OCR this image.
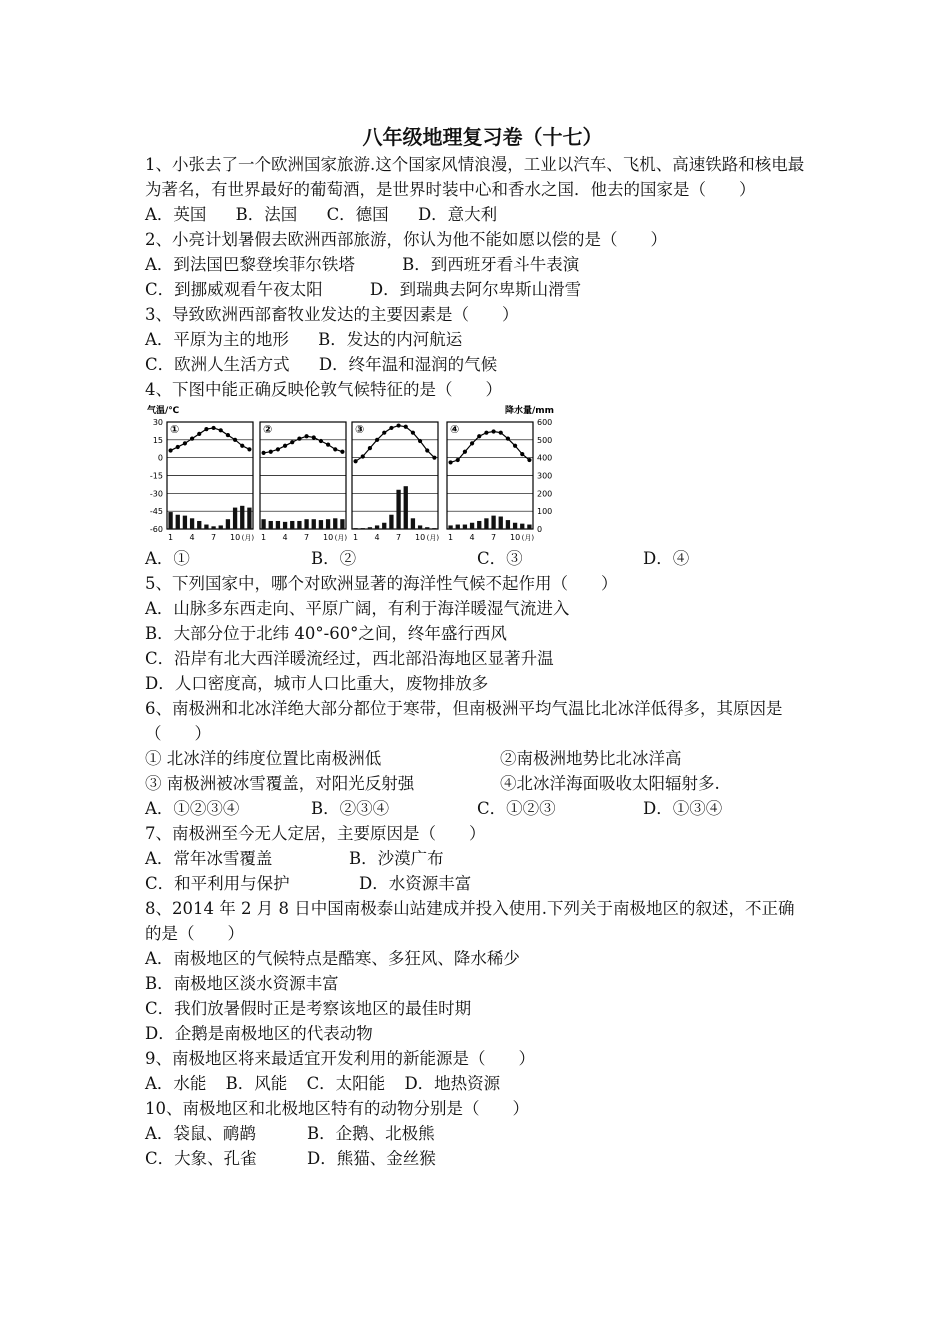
八年级地理复习卷（十七）
1、小张去了一个欧洲国家旅游.这个国家风情浪漫，工业以汽车、飞机、高速铁路和核电最为著名，有世界最好的葡萄酒，是世界时装中心和香水之国．他去的国家是（　　）
A．英国 B．法国 C．德国 D．意大利
2、小亮计划暑假去欧洲西部旅游，你认为他不能如愿以偿的是（　　）
A．到法国巴黎登埃菲尔铁塔	B．到西班牙看斗牛表演
C．到挪威观看午夜太阳	D．到瑞典去阿尔卑斯山滑雪
3、导致欧洲西部畜牧业发达的主要因素是（　　）
A．平原为主的地形 B．发达的内河航运
C．欧洲人生活方式 D．终年温和湿润的气候
4、下图中能正确反映伦敦气候特征的是（　　）
气温/℃	降水量/mm
30
15
0
-15
-30
-45
-60
600
500
400
300
200
100
0
①
1 4 7 10 (月)
②
1 4 7 10 (月)
③
1 4 7 10 (月)
④
1 4 7 10 (月)
A．①	B．②	C．③	D．④
5、下列国家中，哪个对欧洲显著的海洋性气候不起作用（　　）
A．山脉多东西走向、平原广阔，有利于海洋暖湿气流进入
B．大部分位于北纬 40°-60°之间，终年盛行西风
C．沿岸有北大西洋暖流经过，西北部沿海地区显著升温
D．人口密度高，城市人口比重大，废物排放多
6、南极洲和北冰洋绝大部分都位于寒带，但南极洲平均气温比北冰洋低得多，其原因是（　　）
① 北冰洋的纬度位置比南极洲低	②南极洲地势比北冰洋高
③ 南极洲被冰雪覆盖，对阳光反射强	④北冰洋海面吸收太阳辐射多.
A．①②③④	B．②③④	C．①②③	D．①③④
7、南极洲至今无人定居，主要原因是（　　）
A．常年冰雪覆盖	B．沙漠广布
C．和平利用与保护	D．水资源丰富
8、2014 年 2 月 8 日中国南极泰山站建成并投入使用.下列关于南极地区的叙述，不正确的是（　　）
A．南极地区的气候特点是酷寒、多狂风、降水稀少
B．南极地区淡水资源丰富
C．我们放暑假时正是考察该地区的最佳时期
D．企鹅是南极地区的代表动物
9、南极地区将来最适宜开发利用的新能源是（　　）
A．水能 B．风能 C．太阳能 D．地热资源
10、南极地区和北极地区特有的动物分别是（　　）
A．袋鼠、鸸鹋	B．企鹅、北极熊
C．大象、孔雀	D．熊猫、金丝猴
